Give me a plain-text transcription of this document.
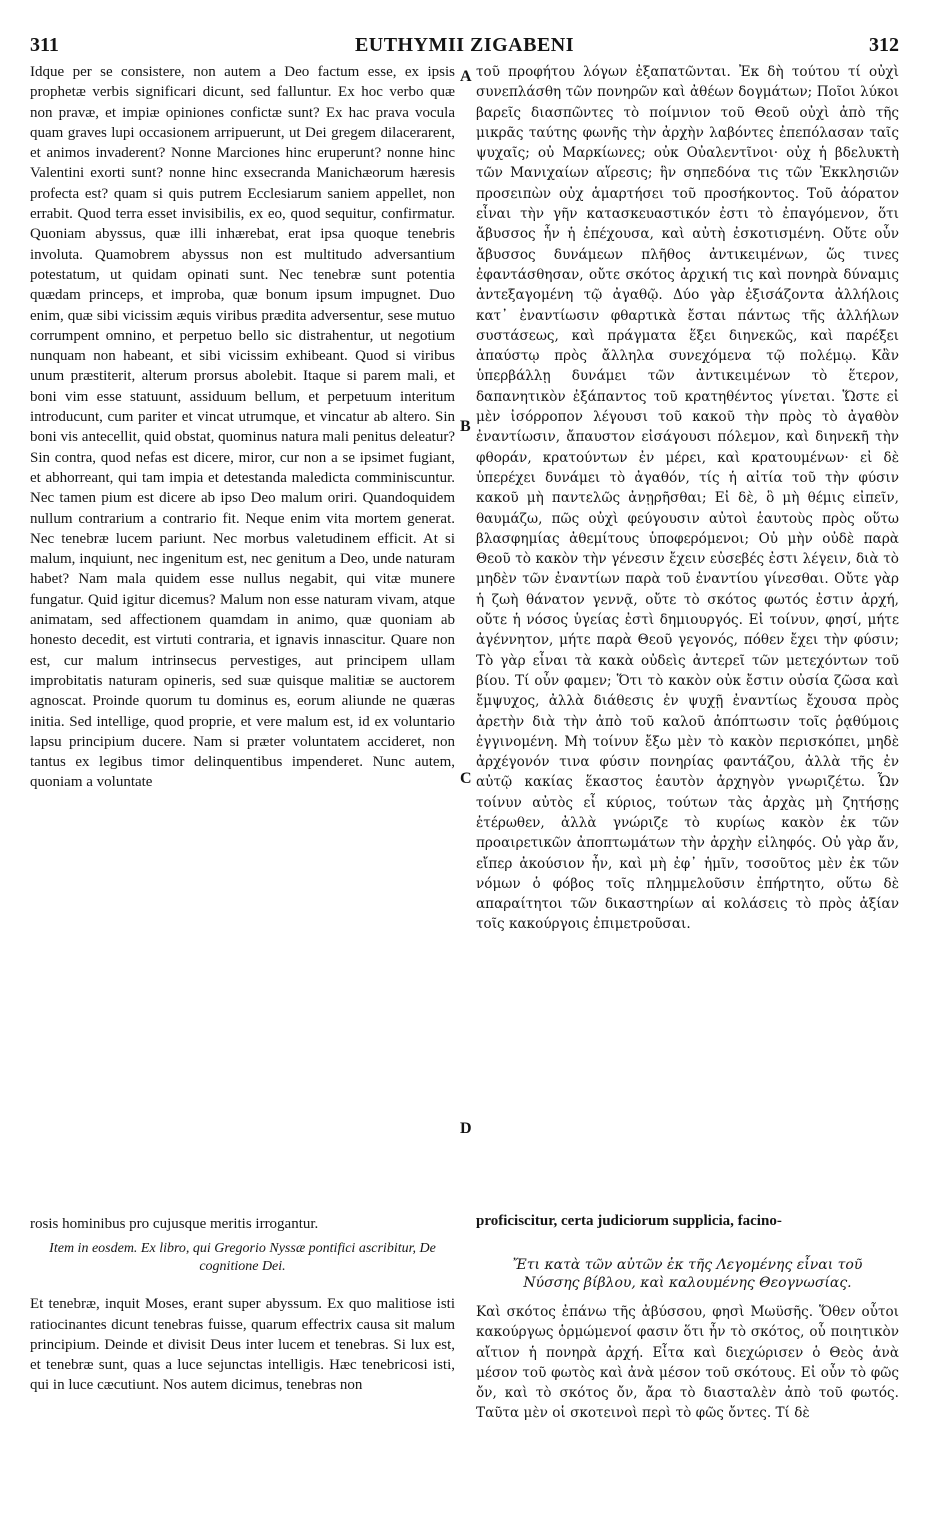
311	EUTHYMII ZIGABENI	312

Idque per se consistere, non autem a Deo factum esse, ex ipsis prophetæ verbis significari dicunt, sed falluntur. Ex hoc verbo quæ non pravæ, et impiæ opiniones confictæ sunt? Ex hac prava vocula quam graves lupi occasionem arripuerunt, ut Dei gregem dilacerarent, et animos invaderent? Nonne Marciones hinc eruperunt? nonne hinc Valentini exorti sunt? nonne hinc exsecranda Manichæorum hæresis profecta est? quam si quis putrem Ecclesiarum saniem appellet, non errabit. Quod terra esset invisibilis, ex eo, quod sequitur, confirmatur. Quoniam abyssus, quæ illi inhærebat, erat ipsa quoque tenebris involuta. Quamobrem abyssus non est multitudo adversantium potestatum, ut quidam opinati sunt. Nec tenebræ sunt potentia quædam princeps, et improba, quæ bonum ipsum impugnet. Duo enim, quæ sibi vicissim æquis viribus prædita adversentur, sese mutuo corrumpent omnino, et perpetuo bello sic distrahentur, ut negotium nunquam non habeant, et sibi vicissim exhibeant. Quod si viribus unum præstiterit, alterum prorsus abolebit. Itaque si parem mali, et boni vim esse statuunt, assiduum bellum, et perpetuum interitum introducunt, cum pariter et vincat utrumque, et vincatur ab altero. Sin boni vis antecellit, quid obstat, quominus natura mali penitus deleatur? Sin contra, quod nefas est dicere, miror, cur non a se ipsimet fugiant, et abhorreant, qui tam impia et detestanda maledicta comminiscuntur. Nec tamen pium est dicere ab ipso Deo malum oriri. Quandoquidem nullum contrarium a contrario fit. Neque enim vita mortem generat. Nec tenebræ lucem pariunt. Nec morbus valetudinem efficit. At si malum, inquiunt, nec ingenitum est, nec genitum a Deo, unde naturam habet? Nam mala quidem esse nullus negabit, qui vitæ munere fungatur. Quid igitur dicemus? Malum non esse naturam vivam, atque animatam, sed affectionem quamdam in animo, quæ quoniam ab honesto decedit, est virtuti contraria, et ignavis innascitur. Quare non est, cur malum intrinsecus pervestiges, aut principem ullam improbitatis naturam opineris, sed suæ quisque malitiæ se auctorem agnoscat. Proinde quorum tu dominus es, eorum aliunde ne quæras initia. Sed intellige, quod proprie, et vere malum est, id ex voluntario lapsu principium ducere. Nam si præter voluntatem accideret, non tantus ex legibus timor delinquentibus impenderet. Nunc autem, quoniam a voluntate

rosis hominibus pro cujusque meritis irrogantur.

Item in eosdem. Ex libro, qui Gregorio Nyssæ pontifici ascribitur, De cognitione Dei.

Et tenebræ, inquit Moses, erant super abyssum. Ex quo malitiose isti ratiocinantes dicunt tenebras fuisse, quarum effectrix causa sit malum principium. Deinde et divisit Deus inter lucem et tenebras. Si lux est, et tenebræ sunt, quas a luce sejunctas intelligis. Hæc tenebricosi isti, qui in luce cæcutiunt. Nos autem dicimus, tenebras non

τοῦ προφήτου λόγων ἐξαπατῶνται. Ἐκ δὴ τούτου τί οὐχὶ συνεπλάσθη τῶν πονηρῶν καὶ ἀθέων δογμάτων; Ποῖοι λύκοι βαρεῖς διασπῶντες τὸ ποίμνιον τοῦ Θεοῦ οὐχὶ ἀπὸ τῆς μικρᾶς ταύτης φωνῆς τὴν ἀρχὴν λαβόντες ἐπεπόλασαν ταῖς ψυχαῖς; οὐ Μαρκίωνες; οὐκ Οὐαλεντῖνοι· οὐχ ἡ βδελυκτὴ τῶν Μανιχαίων αἵρεσις; ἣν σηπεδόνα τις τῶν Ἐκκλησιῶν προσειπὼν οὐχ ἁμαρτήσει τοῦ προσήκοντος. Τοῦ ἀόρατον εἶναι τὴν γῆν κατασκευαστικόν ἐστι τὸ ἐπαγόμενον, ὅτι ἄβυσσος ἦν ἡ ἐπέχουσα, καὶ αὐτὴ ἐσκοτισμένη. Οὔτε οὖν ἄβυσσος δυνάμεων πλῆθος ἀντικειμένων, ὥς τινες ἐφαντάσθησαν, οὔτε σκότος ἀρχική τις καὶ πονηρὰ δύναμις ἀντεξαγομένη τῷ ἀγαθῷ. Δύο γὰρ ἐξισάζοντα ἀλλήλοις κατ᾽ ἐναντίωσιν φθαρτικὰ ἔσται πάντως τῆς ἀλλήλων συστάσεως, καὶ πράγματα ἕξει διηνεκῶς, καὶ παρέξει ἀπαύστῳ πρὸς ἄλληλα συνεχόμενα τῷ πολέμῳ. Κἂν ὑπερβάλλῃ δυνάμει τῶν ἀντικειμένων τὸ ἕτερον, δαπανητικὸν ἐξάπαντος τοῦ κρατηθέντος γίνεται. Ὥστε εἰ μὲν ἰσόρροπον λέγουσι τοῦ κακοῦ τὴν πρὸς τὸ ἀγαθὸν ἐναντίωσιν, ἄπαυστον εἰσάγουσι πόλεμον, καὶ διηνεκῆ τὴν φθοράν, κρατούντων ἐν μέρει, καὶ κρατουμένων· εἰ δὲ ὑπερέχει δυνάμει τὸ ἀγαθόν, τίς ἡ αἰτία τοῦ τὴν φύσιν κακοῦ μὴ παντελῶς ἀνῃρῆσθαι; Εἰ δὲ, ὃ μὴ θέμις εἰπεῖν, θαυμάζω, πῶς οὐχὶ φεύγουσιν αὐτοὶ ἑαυτοὺς πρὸς οὕτω βλασφημίας ἀθεμίτους ὑποφερόμενοι; Οὐ μὴν οὐδὲ παρὰ Θεοῦ τὸ κακὸν τὴν γένεσιν ἔχειν εὐσεβές ἐστι λέγειν, διὰ τὸ μηδὲν τῶν ἐναντίων παρὰ τοῦ ἐναντίου γίνεσθαι. Οὔτε γὰρ ἡ ζωὴ θάνατον γεννᾷ, οὔτε τὸ σκότος φωτός ἐστιν ἀρχή, οὔτε ἡ νόσος ὑγείας ἐστὶ δημιουργός. Εἰ τοίνυν, φησί, μήτε ἀγέννητον, μήτε παρὰ Θεοῦ γεγονός, πόθεν ἔχει τὴν φύσιν; Τὸ γὰρ εἶναι τὰ κακὰ οὐδεὶς ἀντερεῖ τῶν μετεχόντων τοῦ βίου. Τί οὖν φαμεν; Ὅτι τὸ κακὸν οὐκ ἔστιν οὐσία ζῶσα καὶ ἔμψυχος, ἀλλὰ διάθεσις ἐν ψυχῇ ἐναντίως ἔχουσα πρὸς ἀρετὴν διὰ τὴν ἀπὸ τοῦ καλοῦ ἀπόπτωσιν τοῖς ῥᾳθύμοις ἐγγινομένη. Μὴ τοίνυν ἔξω μὲν τὸ κακὸν περισκόπει, μηδὲ ἀρχέγονόν τινα φύσιν πονηρίας φαντάζου, ἀλλὰ τῆς ἐν αὐτῷ κακίας ἕκαστος ἑαυτὸν ἀρχηγὸν γνωριζέτω. Ὧν τοίνυν αὐτὸς εἶ κύριος, τούτων τὰς ἀρχὰς μὴ ζητήσῃς ἑτέρωθεν, ἀλλὰ γνώριζε τὸ κυρίως κακὸν ἐκ τῶν προαιρετικῶν ἀποπτωμάτων τὴν ἀρχὴν εἰληφός. Οὐ γὰρ ἄν, εἴπερ ἀκούσιον ἦν, καὶ μὴ ἐφ᾽ ἡμῖν, τοσοῦτος μὲν ἐκ τῶν νόμων ὁ φόβος τοῖς πλημμελοῦσιν ἐπήρτητο, οὕτω δὲ απαραίτητοι τῶν δικαστηρίων αἱ κολάσεις τὸ πρὸς ἀξίαν τοῖς κακούργοις ἐπιμετροῦσαι.

proficiscitur, certa judiciorum supplicia, facino-

Ἔτι κατὰ τῶν αὐτῶν ἐκ τῆς Λεγομένης εἶναι τοῦ Νύσσης βίβλου, καὶ καλουμένης Θεογνωσίας.

Καὶ σκότος ἐπάνω τῆς ἀβύσσου, φησὶ Μωϋσῆς. Ὅθεν οὗτοι κακούργως ὁρμώμενοί φασιν ὅτι ἦν τὸ σκότος, οὗ ποιητικὸν αἴτιον ἡ πονηρὰ ἀρχή. Εἶτα καὶ διεχώρισεν ὁ Θεὸς ἀνὰ μέσον τοῦ φωτὸς καὶ ἀνὰ μέσον τοῦ σκότους. Εἰ οὖν τὸ φῶς ὄν, καὶ τὸ σκότος ὄν, ἄρα τὸ διασταλὲν ἀπὸ τοῦ φωτός. Ταῦτα μὲν οἱ σκοτεινοὶ περὶ τὸ φῶς ὄντες. Τί δὲ

A
B
C
D
